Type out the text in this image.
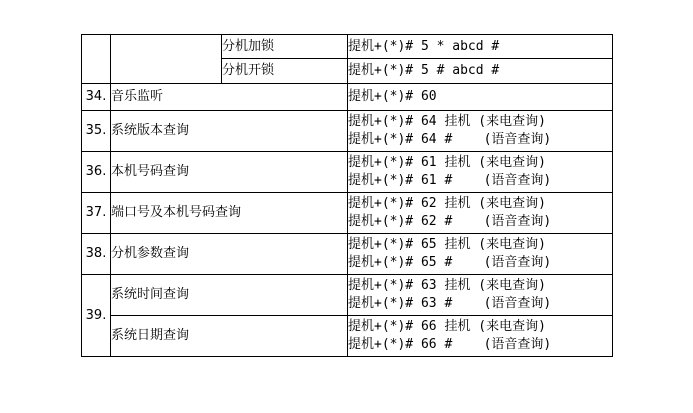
		分机加锁	提机+(*)# 5 * abcd #
		分机开锁	提机+(*)# 5 # abcd #
34.	音乐监听		提机+(*)# 60
35.	系统版本查询		提机+(*)# 64 挂机 (来电查询)
提机+(*)# 64 #    (语音查询)

36.	本机号码查询		提机+(*)# 61 挂机 (来电查询)
提机+(*)# 61 #    (语音查询)

37.	端口号及本机号码查询		提机+(*)# 62 挂机 (来电查询)
提机+(*)# 62 #    (语音查询)

38.	分机参数查询		提机+(*)# 65 挂机 (来电查询)
提机+(*)# 65 #    (语音查询)

39.	系统时间查询		提机+(*)# 63 挂机 (来电查询)
提机+(*)# 63 #    (语音查询)

	系统日期查询		提机+(*)# 66 挂机 (来电查询)
提机+(*)# 66 #    (语音查询)
